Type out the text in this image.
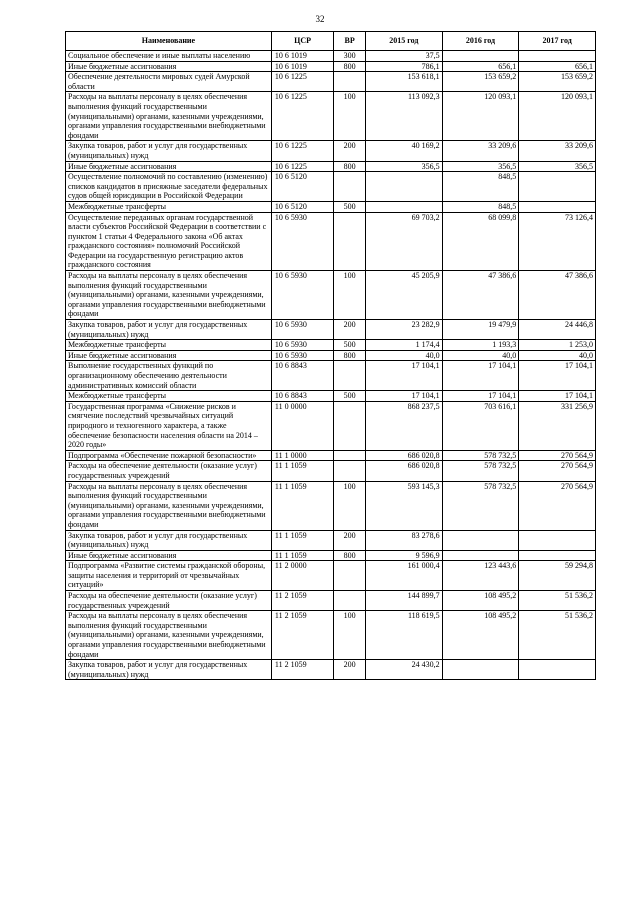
32
Наименование	ЦСР	ВР	2015 год	2016 год	2017 год
Социальное обеспечение и иные выплаты населению	10 6 1019	300	37,5		
Иные бюджетные ассигнования	10 6 1019	800	786,1	656,1	656,1
Обеспечение деятельности мировых судей Амурской области	10 6 1225		153 618,1	153 659,2	153 659,2
Расходы на выплаты персоналу в целях обеспечения выполнения функций государственными (муниципальными) органами, казенными учреждениями, органами управления государственными внебюджетными фондами	10 6 1225	100	113 092,3	120 093,1	120 093,1
Закупка товаров, работ и услуг для государственных (муниципальных) нужд	10 6 1225	200	40 169,2	33 209,6	33 209,6
Иные бюджетные ассигнования	10 6 1225	800	356,5	356,5	356,5
Осуществление полномочий по составлению (изменению) списков кандидатов в присяжные заседатели федеральных судов общей юрисдикции в Российской Федерации	10 6 5120			848,5	
Межбюджетные трансферты	10 6 5120	500		848,5	
Осуществление переданных органам государственной власти субъектов Российской Федерации в соответствии с пунктом 1 статьи 4 Федерального закона «Об актах гражданского состояния» полномочий Российской Федерации на государственную регистрацию актов гражданского состояния	10 6 5930		69 703,2	68 099,8	73 126,4
Расходы на выплаты персоналу в целях обеспечения выполнения функций государственными (муниципальными) органами, казенными учреждениями, органами управления государственными внебюджетными фондами	10 6 5930	100	45 205,9	47 386,6	47 386,6
Закупка товаров, работ и услуг для государственных (муниципальных) нужд	10 6 5930	200	23 282,9	19 479,9	24 446,8
Межбюджетные трансферты	10 6 5930	500	1 174,4	1 193,3	1 253,0
Иные бюджетные ассигнования	10 6 5930	800	40,0	40,0	40,0
Выполнение государственных функций по организационному обеспечению деятельности административных комиссий области	10 6 8843		17 104,1	17 104,1	17 104,1
Межбюджетные трансферты	10 6 8843	500	17 104,1	17 104,1	17 104,1
Государственная программа «Снижение рисков и смягчение последствий чрезвычайных ситуаций природного и техногенного характера, а также обеспечение безопасности населения области на 2014 – 2020 годы»	11 0 0000		868 237,5	703 616,1	331 256,9
Подпрограмма «Обеспечение пожарной безопасности»	11 1 0000		686 020,8	578 732,5	270 564,9
Расходы на обеспечение деятельности (оказание услуг) государственных учреждений	11 1 1059		686 020,8	578 732,5	270 564,9
Расходы на выплаты персоналу в целях обеспечения выполнения функций государственными (муниципальными) органами, казенными учреждениями, органами управления государственными внебюджетными фондами	11 1 1059	100	593 145,3	578 732,5	270 564,9
Закупка товаров, работ и услуг для государственных (муниципальных) нужд	11 1 1059	200	83 278,6		
Иные бюджетные ассигнования	11 1 1059	800	9 596,9		
Подпрограмма «Развитие системы гражданской обороны, защиты населения и территорий от чрезвычайных ситуаций»	11 2 0000		161 000,4	123 443,6	59 294,8
Расходы на обеспечение деятельности (оказание услуг) государственных учреждений	11 2 1059		144 899,7	108 495,2	51 536,2
Расходы на выплаты персоналу в целях обеспечения выполнения функций государственными (муниципальными) органами, казенными учреждениями, органами управления государственными внебюджетными фондами	11 2 1059	100	118 619,5	108 495,2	51 536,2
Закупка товаров, работ и услуг для государственных (муниципальных) нужд	11 2 1059	200	24 430,2		
